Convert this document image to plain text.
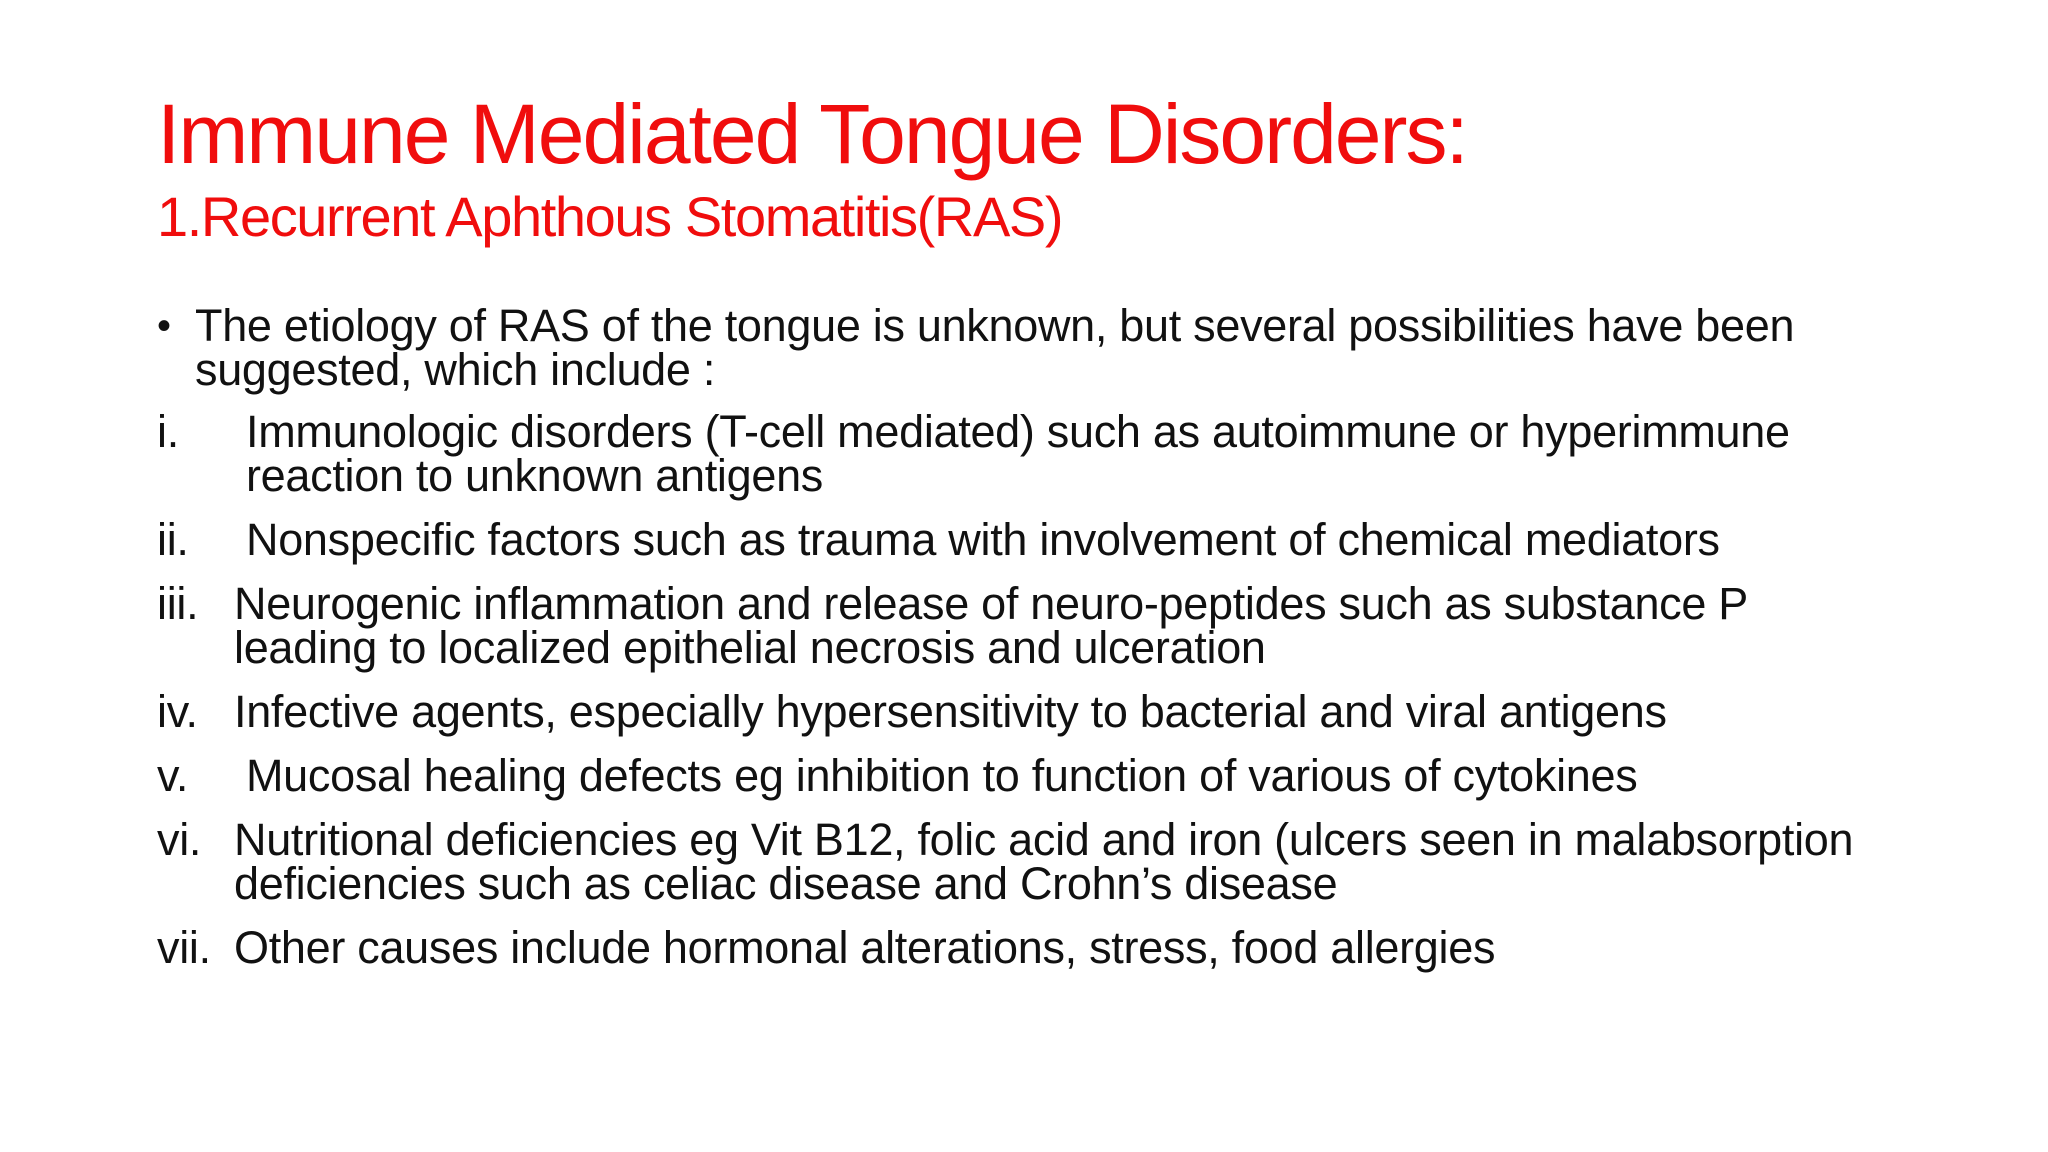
Immune Mediated Tongue Disorders:
1.Recurrent Aphthous Stomatitis(RAS)
• The etiology of RAS of the tongue is unknown, but several possibilities have been suggested, which include :
i.	Immunologic disorders (T-cell mediated) such as autoimmune or hyperimmune reaction to unknown antigens
ii.	Nonspecific factors such as trauma with involvement of chemical mediators
iii. Neurogenic inflammation and release of neuro-peptides such as substance P leading to localized epithelial necrosis and ulceration
iv. Infective agents, especially hypersensitivity to bacterial and viral antigens
v.	Mucosal healing defects eg inhibition to function of various of cytokines
vi. Nutritional deficiencies eg Vit B12, folic acid and iron (ulcers seen in malabsorption deficiencies such as celiac disease and Crohn’s disease
vii. Other causes include hormonal alterations, stress, food allergies
